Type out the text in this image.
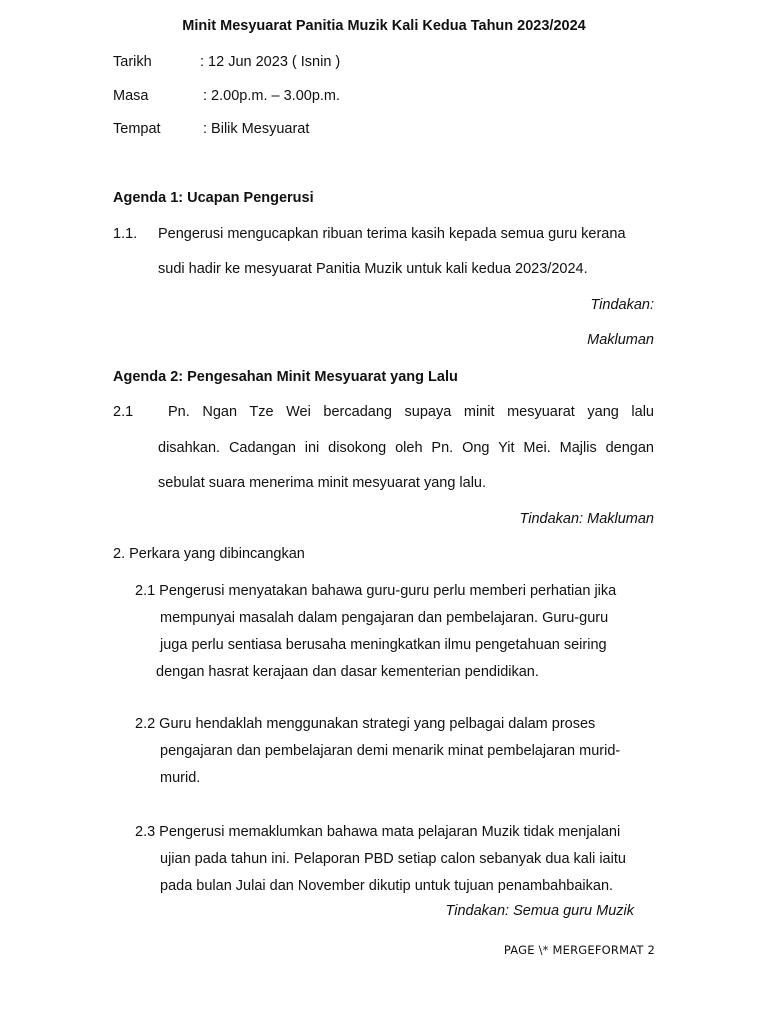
Minit Mesyuarat Panitia Muzik Kali Kedua Tahun 2023/2024
Tarikh	: 12 Jun 2023 ( Isnin )
Masa	: 2.00p.m. – 3.00p.m.
Tempat	: Bilik Mesyuarat
Agenda 1: Ucapan Pengerusi
1.1. Pengerusi mengucapkan ribuan terima kasih kepada semua guru kerana
sudi hadir ke mesyuarat Panitia Muzik untuk kali kedua 2023/2024.
Tindakan:
Makluman
Agenda 2: Pengesahan Minit Mesyuarat yang Lalu
2.1 Pn. Ngan Tze Wei bercadang supaya minit mesyuarat yang lalu
disahkan. Cadangan ini disokong oleh Pn. Ong Yit Mei. Majlis dengan
sebulat suara menerima minit mesyuarat yang lalu.
Tindakan: Makluman
2. Perkara yang dibincangkan
2.1 Pengerusi menyatakan bahawa guru-guru perlu memberi perhatian jika
mempunyai masalah dalam pengajaran dan pembelajaran. Guru-guru
juga perlu sentiasa berusaha meningkatkan ilmu pengetahuan seiring
dengan hasrat kerajaan dan dasar kementerian pendidikan.
2.2 Guru hendaklah menggunakan strategi yang pelbagai dalam proses
pengajaran dan pembelajaran demi menarik minat pembelajaran murid-
murid.
2.3 Pengerusi memaklumkan bahawa mata pelajaran Muzik tidak menjalani
ujian pada tahun ini. Pelaporan PBD setiap calon sebanyak dua kali iaitu
pada bulan Julai dan November dikutip untuk tujuan penambahbaikan.
Tindakan: Semua guru Muzik
PAGE \* MERGEFORMAT 2
